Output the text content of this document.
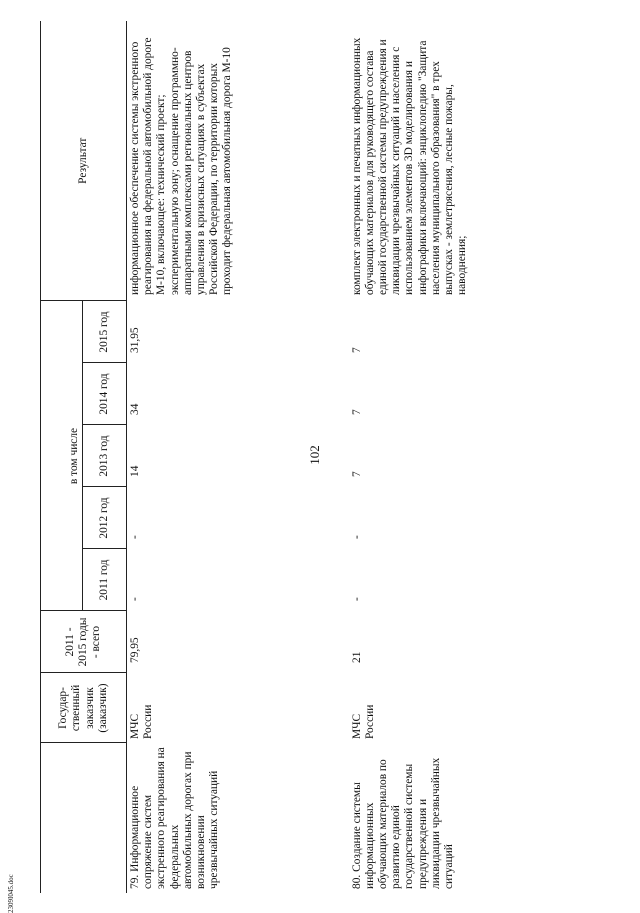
102
2309І045.doc
	Государ-ственный заказчик (заказчик)	2011 - 2015 годы - всего						Результат
			в том числе					
			2011 год	2012 год	2013 год	2014 год	2015 год	
79. Информационное сопряжение систем экстренного реагирования на федеральных автомобильных дорогах при возникновении чрезвычайных ситуаций	МЧС России	79,95	-	-	14	34	31,95	информационное обеспечение системы экстренного реагирования на федеральной автомобильной дороге М-10, включающее: технический проект; экспериментальную зону; оснащение программно-аппаратными комплексами региональных центров управления в кризисных ситуациях в субъектах Российской Федерации, по территории которых проходит федеральная автомобильная дорога М-10
80. Создание системы информационных обучающих материалов по развитию единой государственной системы предупреждения и ликвидации чрезвычайных ситуаций	МЧС России	21	-	-	7	7	7	комплект электронных и печатных информационных обучающих материалов для руководящего состава единой государственной системы предупреждения и ликвидации чрезвычайных ситуаций и населения с использованием элементов 3D моделирования и инфографики включающий: энциклопедию "Защита населения муниципального образования" в трех выпусках - землетрясения, лесные пожары, наводнения;
